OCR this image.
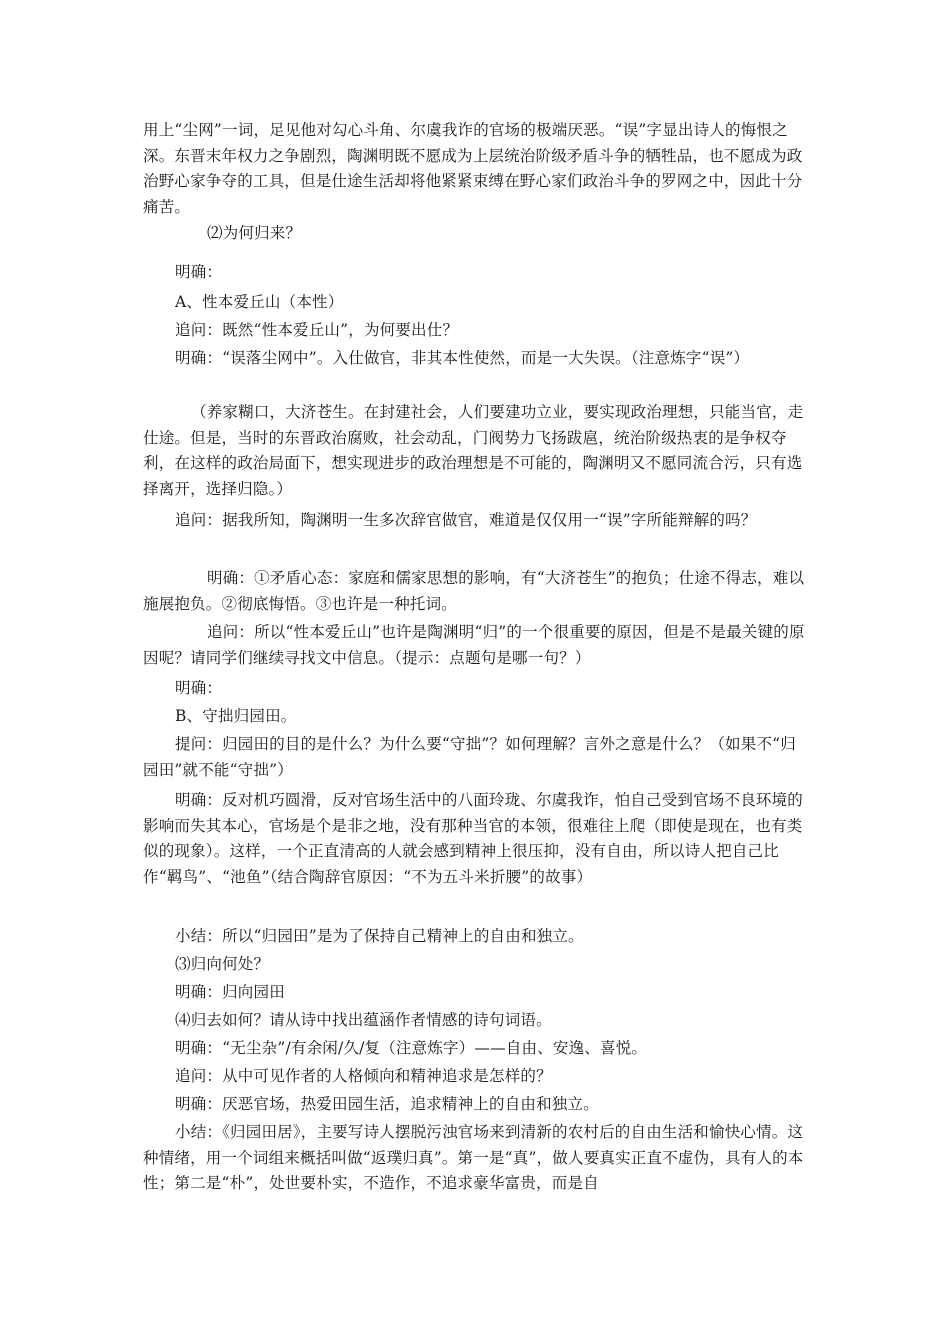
用上“尘网”一词，足见他对勾心斗角、尔虞我诈的官场的极端厌恶。“误”字显出诗人的悔恨之深。东晋末年权力之争剧烈，陶渊明既不愿成为上层统治阶级矛盾斗争的牺牲品，也不愿成为政治野心家争夺的工具，但是仕途生活却将他紧紧束缚在野心家们政治斗争的罗网之中，因此十分痛苦。
⑵为何归来？
明确：
A、性本爱丘山（本性）
追问：既然“性本爱丘山”，为何要出仕？
明确：“误落尘网中”。入仕做官，非其本性使然，而是一大失误。（注意炼字“误”）
（养家糊口，大济苍生。在封建社会，人们要建功立业，要实现政治理想，只能当官，走仕途。但是，当时的东晋政治腐败，社会动乱，门阀势力飞扬跋扈，统治阶级热衷的是争权夺利，在这样的政治局面下，想实现进步的政治理想是不可能的，陶渊明又不愿同流合污，只有选择离开，选择归隐。）
追问：据我所知，陶渊明一生多次辞官做官，难道是仅仅用一“误”字所能辩解的吗？
明确：①矛盾心态：家庭和儒家思想的影响，有“大济苍生”的抱负；仕途不得志，难以施展抱负。②彻底悔悟。③也许是一种托词。
追问：所以“性本爱丘山”也许是陶渊明“归”的一个很重要的原因，但是不是最关键的原因呢？请同学们继续寻找文中信息。（提示：点题句是哪一句？）
明确：
B、守拙归园田。
提问：归园田的目的是什么？为什么要“守拙”？如何理解？言外之意是什么？（如果不“归园田”就不能“守拙”）
明确：反对机巧圆滑，反对官场生活中的八面玲珑、尔虞我诈，怕自己受到官场不良环境的影响而失其本心，官场是个是非之地，没有那种当官的本领，很难往上爬（即使是现在，也有类似的现象）。这样，一个正直清高的人就会感到精神上很压抑，没有自由，所以诗人把自己比作“羁鸟”、“池鱼”（结合陶辞官原因：“不为五斗米折腰”的故事）
小结：所以“归园田”是为了保持自己精神上的自由和独立。
⑶归向何处？
明确：归向园田
⑷归去如何？请从诗中找出蕴涵作者情感的诗句词语。
明确：“无尘杂”/有余闲/久/复（注意炼字）——自由、安逸、喜悦。
追问：从中可见作者的人格倾向和精神追求是怎样的？
明确：厌恶官场，热爱田园生活，追求精神上的自由和独立。
小结：《归园田居》，主要写诗人摆脱污浊官场来到清新的农村后的自由生活和愉快心情。这种情绪，用一个词组来概括叫做“返璞归真”。第一是“真”，做人要真实正直不虚伪，具有人的本性；第二是“朴”，处世要朴实，不造作，不追求豪华富贵，而是自
